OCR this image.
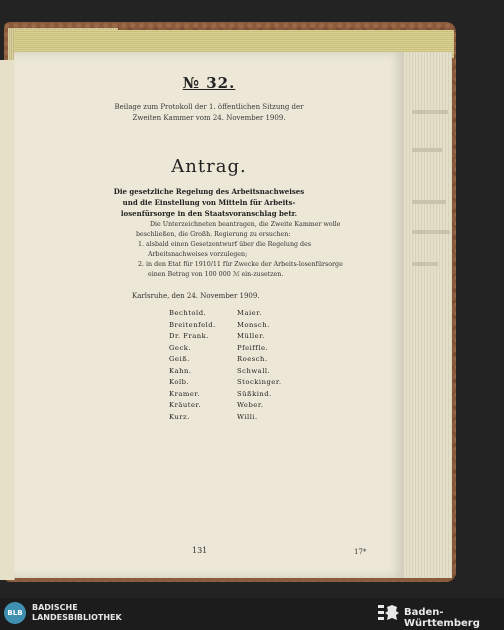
№ 32.
Beilage zum Protokoll der 1. öffentlichen Sitzung der
Zweiten Kammer vom 24. November 1909.
Antrag.
Die gesetzliche Regelung des Arbeitsnachweises
und die Einstellung von Mitteln für Arbeits-
losenfürsorge in den Staatsvoranschlag betr.
Die Unterzeichneten beantragen, die Zweite Kammer wolle beschließen, die Großh. Regierung zu ersuchen:
1. alsbald einen Gesetzentwurf über die Regelung des Arbeitsnachweises vorzulegen;
2. in den Etat für 1910/11 für Zwecke der Arbeits-losenfürsorge einen Betrag von 100 000 ℳ ein-zusetzen.
Karlsruhe, den 24. November 1909.
Bechtold.
Breitenfeld.
Dr. Frank.
Geck.
Geiß.
Kahn.
Kolb.
Kramer.
Kräuter.
Kurz.
Maier.
Monsch.
Müller.
Pfeiffle.
Roesch.
Schwall.
Stockinger.
Süßkind.
Weber.
Willi.
131	17*
BLB
BADISCHE
LANDESBIBLIOTHEK	Baden-Württemberg
